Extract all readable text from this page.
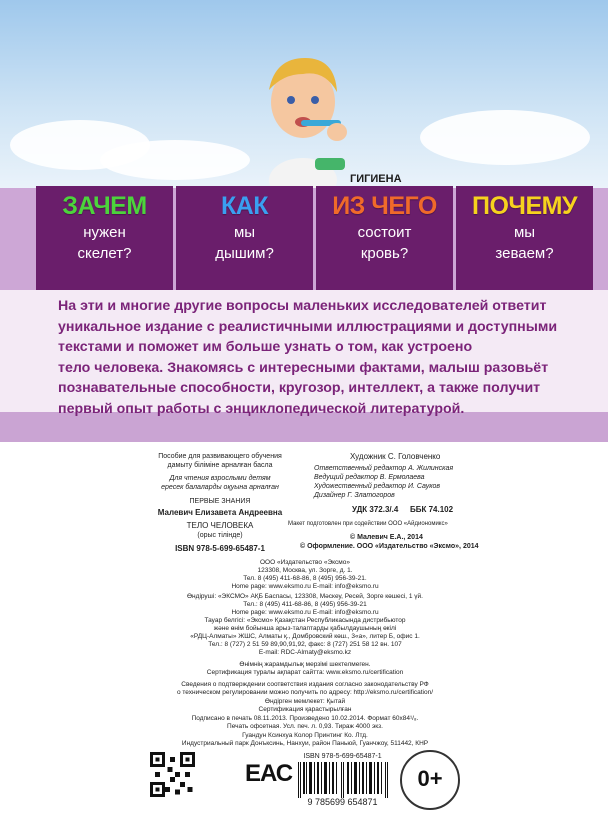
ГИГИЕНА
ЗАЧЕМ
нужен
скелет?
КАК
мы
дышим?
ИЗ ЧЕГО
состоит
кровь?
ПОЧЕМУ
мы
зеваем?
На эти и многие другие вопросы маленьких исследователей ответит
уникальное издание с реалистичными иллюстрациями и доступными
текстами и поможет им больше узнать о том, как устроено
тело человека. Знакомясь с интересными фактами, малыш разовьёт
познавательные способности, кругозор, интеллект, а также получит
первый опыт работы с энциклопедической литературой.
Пособие для развивающего обучения
дамыту біліміне арналған басла
Для чтения взрослыми детям
ересек балаларды оқуына арналған
ПЕРВЫЕ ЗНАНИЯ
Малевич Елизавета Андреевна
ТЕЛО ЧЕЛОВЕКА
(орыс тілінде)
ISBN 978-5-699-65487-1
Художник С. Головченко
Ответственный редактор А. Жилинская
Ведущий редактор В. Ермолаева
Художественный редактор И. Сауков
Дизайнер Г. Златогоров
УДК 372.3/.4 ББК 74.102
Макет подготовлен при содействии ООО «Айдиономикс»
© Малевич Е.А., 2014
© Оформление. ООО «Издательство «Эксмо», 2014
ООО «Издательство «Эксмо»
123308, Москва, ул. Зорге, д. 1.
Тел. 8 (495) 411-68-86, 8 (495) 956-39-21.
Home page: www.eksmo.ru E-mail: info@eksmo.ru
Өндіруші: «ЭКСМО» АҚБ Баспасы, 123308, Мәскеу, Ресей, Зорге көшесі, 1 үй.
Тел.: 8 (495) 411-68-86, 8 (495) 956-39-21
Home page: www.eksmo.ru E-mail: info@eksmo.ru
Тауар белгісі: «Эксмо» Қазақстан Республикасында дистрибьютор
және өнім бойынша арыз-талаптарды қабылдаушының өкілі
«РДЦ-Алматы» ЖШС, Алматы қ., Домбровский көш., 3«а», литер Б, офис 1.
Тел.: 8 (727) 2 51 59 89,90,91,92, факс: 8 (727) 251 58 12 вн. 107
E-mail: RDC-Almaty@eksmo.kz
Өнімнің жарамдылық мерзімі шектелмеген.
Сертификация туралы ақпарат сайтта: www.eksmo.ru/certification
Сведения о подтверждении соответствия издания согласно законодательству РФ
о техническом регулировании можно получить по адресу: http://eksmo.ru/certification/
Өндірген мемлекет: Қытай
Сертификация қарастырылған
Подписано в печать 08.11.2013. Произведено 10.02.2014. Формат 60x84¹/₈.
Печать офсетная. Усл. печ. л. 0,93. Тираж 4000 экз.
Гуандун Ксинхуа Колор Принтинг Ко. Лтд.
Индустриальный парк Донъксинь, Нанхуи, район Паньюй, Гуанчжоу, 511442, КНР
ЕАС
ISBN 978-5-699-65487-1
9 785699 654871
0+
